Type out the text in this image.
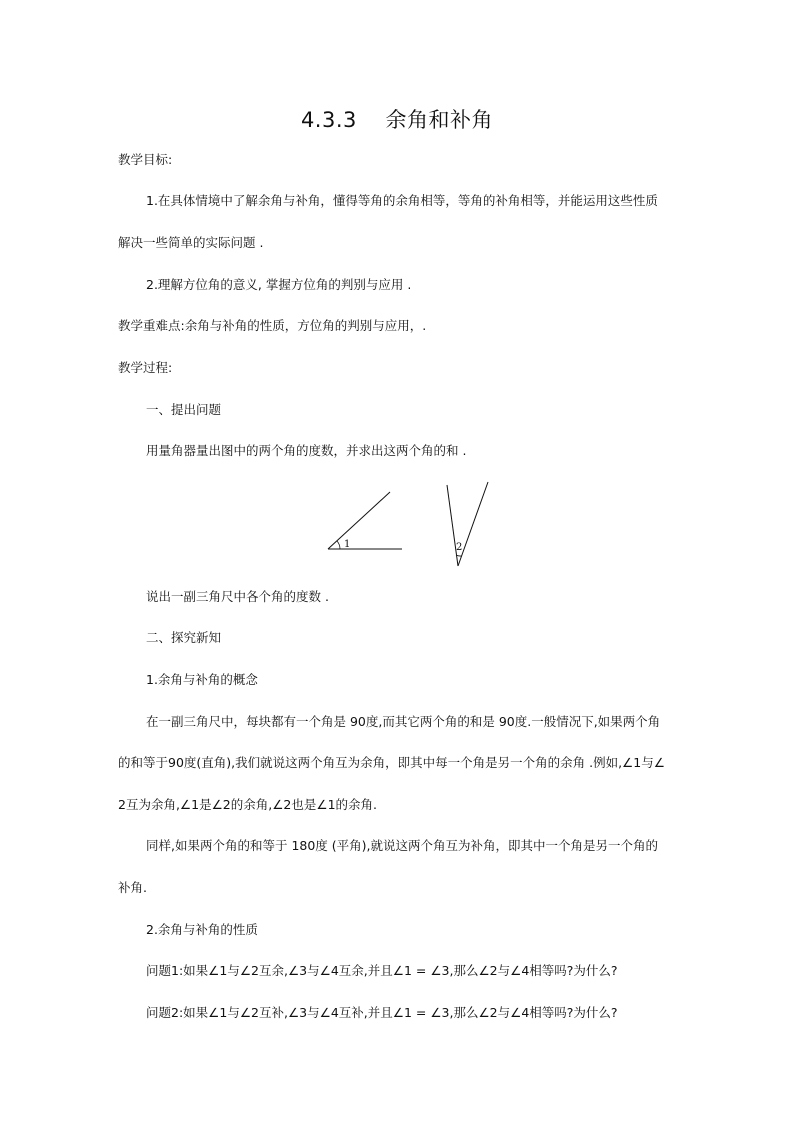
4.3.3　 余角和补角
教学目标:
1.在具体情境中了解余角与补角，懂得等角的余角相等，等角的补角相等，并能运用这些性质
解决一些简单的实际问题 .
2.理解方位角的意义, 掌握方位角的判别与应用 .
教学重难点:余角与补角的性质，方位角的判别与应用，.
教学过程:
一、提出问题
用量角器量出图中的两个角的度数，并求出这两个角的和 .
1	2
说出一副三角尺中各个角的度数 .
二、探究新知
1.余角与补角的概念
在一副三角尺中，每块都有一个角是 90度,而其它两个角的和是 90度.一般情况下,如果两个角
的和等于90度(直角),我们就说这两个角互为余角，即其中每一个角是另一个角的余角 .例如,∠1与∠
2互为余角,∠1是∠2的余角,∠2也是∠1的余角.
同样,如果两个角的和等于 180度 (平角),就说这两个角互为补角，即其中一个角是另一个角的
补角.
2.余角与补角的性质
问题1:如果∠1与∠2互余,∠3与∠4互余,并且∠1 = ∠3,那么∠2与∠4相等吗?为什么?
问题2:如果∠1与∠2互补,∠3与∠4互补,并且∠1 = ∠3,那么∠2与∠4相等吗?为什么?
